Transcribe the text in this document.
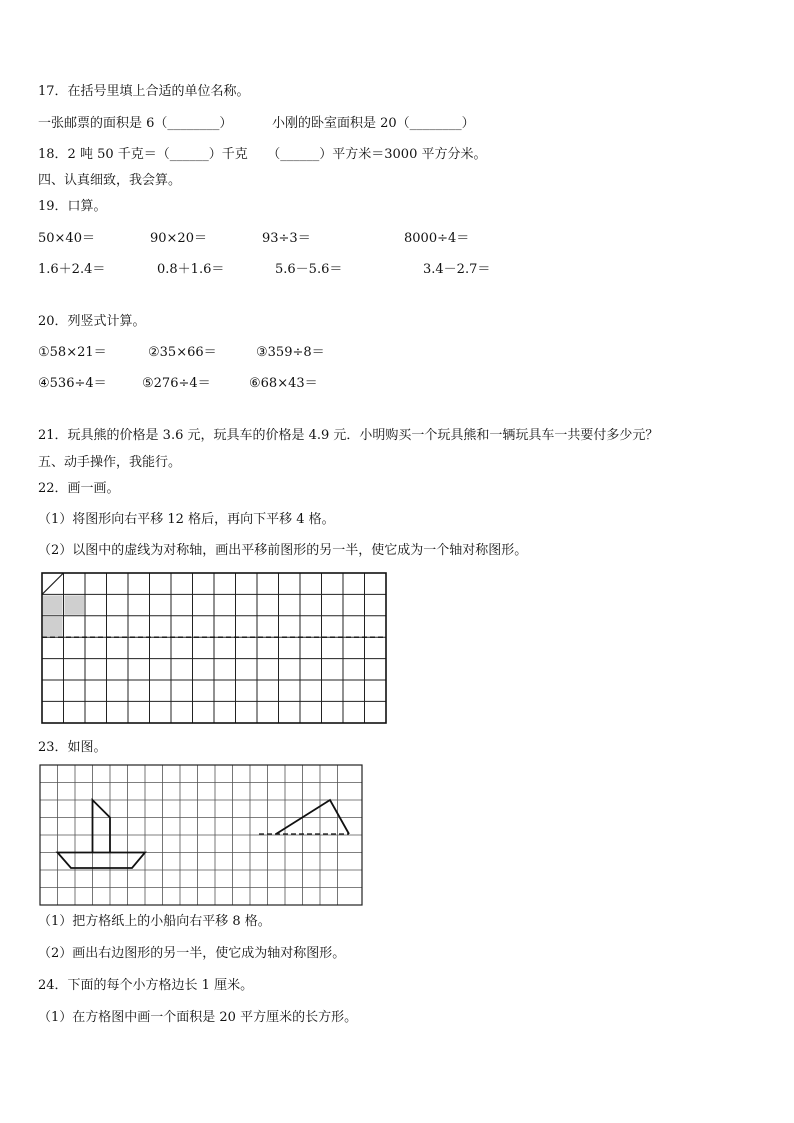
17．在括号里填上合适的单位名称。
一张邮票的面积是 6（________）	小刚的卧室面积是 20（________）
18．2 吨 50 千克＝（______）千克　　（______）平方米＝3000 平方分米。
四、认真细致，我会算。
19．口算。
50×40＝	90×20＝	93÷3＝	8000÷4＝
1.6＋2.4＝	0.8＋1.6＝	5.6－5.6＝	3.4－2.7＝
20．列竖式计算。
①58×21＝	②35×66＝	③359÷8＝
④536÷4＝	⑤276÷4＝	⑥68×43＝
21．玩具熊的价格是 3.6 元，玩具车的价格是 4.9 元．小明购买一个玩具熊和一辆玩具车一共要付多少元？
五、动手操作，我能行。
22．画一画。
（1）将图形向右平移 12 格后，再向下平移 4 格。
（2）以图中的虚线为对称轴，画出平移前图形的另一半，使它成为一个轴对称图形。
23．如图。
（1）把方格纸上的小船向右平移 8 格。
（2）画出右边图形的另一半，使它成为轴对称图形。
24．下面的每个小方格边长 1 厘米。
（1）在方格图中画一个面积是 20 平方厘米的长方形。
